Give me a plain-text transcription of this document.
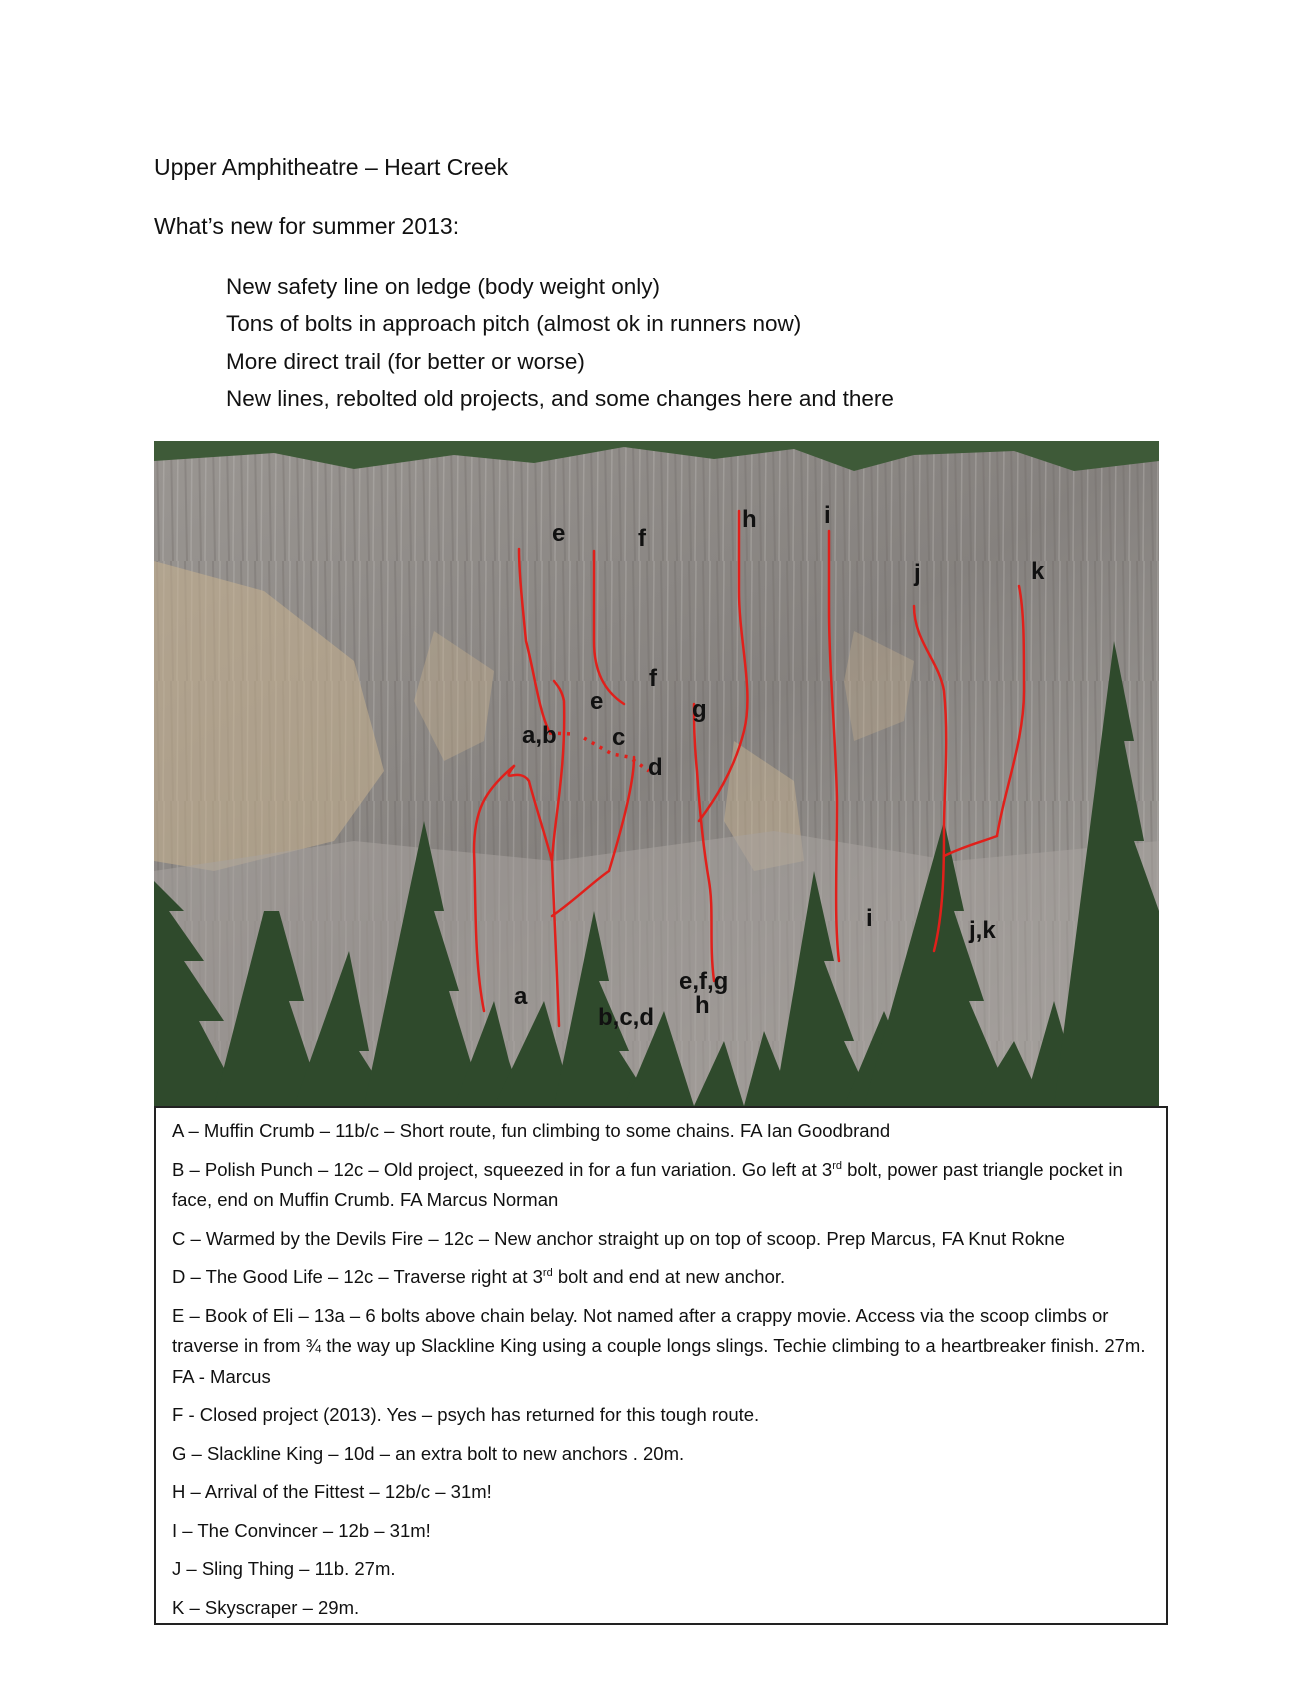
Upper Amphitheatre – Heart Creek
What’s new for summer 2013:
New safety line on ledge (body weight only)
Tons of bolts in approach pitch (almost ok in runners now)
More direct trail (for better or worse)
New lines, rebolted old projects, and some changes here and there
e	f
h	i
j	k
e
f
g
a,b c
d
i	j,k
e,f,g
h
a
b,c,d

A – Muffin Crumb – 11b/c – Short route, fun climbing to some chains. FA Ian Goodbrand

B – Polish Punch – 12c – Old project, squeezed in for a fun variation. Go left at 3rd bolt, power past triangle pocket in face, end on Muffin Crumb. FA Marcus Norman

C – Warmed by the Devils Fire – 12c – New anchor straight up on top of scoop. Prep Marcus, FA Knut Rokne

D – The Good Life – 12c – Traverse right at 3rd bolt and end at new anchor.

E – Book of Eli – 13a – 6 bolts above chain belay. Not named after a crappy movie. Access via the scoop climbs or traverse in from ¾ the way up Slackline King using a couple longs slings. Techie climbing to a heartbreaker finish. 27m. FA - Marcus

F - Closed project (2013). Yes – psych has returned for this tough route.

G – Slackline King – 10d – an extra bolt to new anchors . 20m.

H – Arrival of the Fittest – 12b/c – 31m!

I – The Convincer – 12b – 31m!

J – Sling Thing – 11b. 27m.

K – Skyscraper – 29m.
